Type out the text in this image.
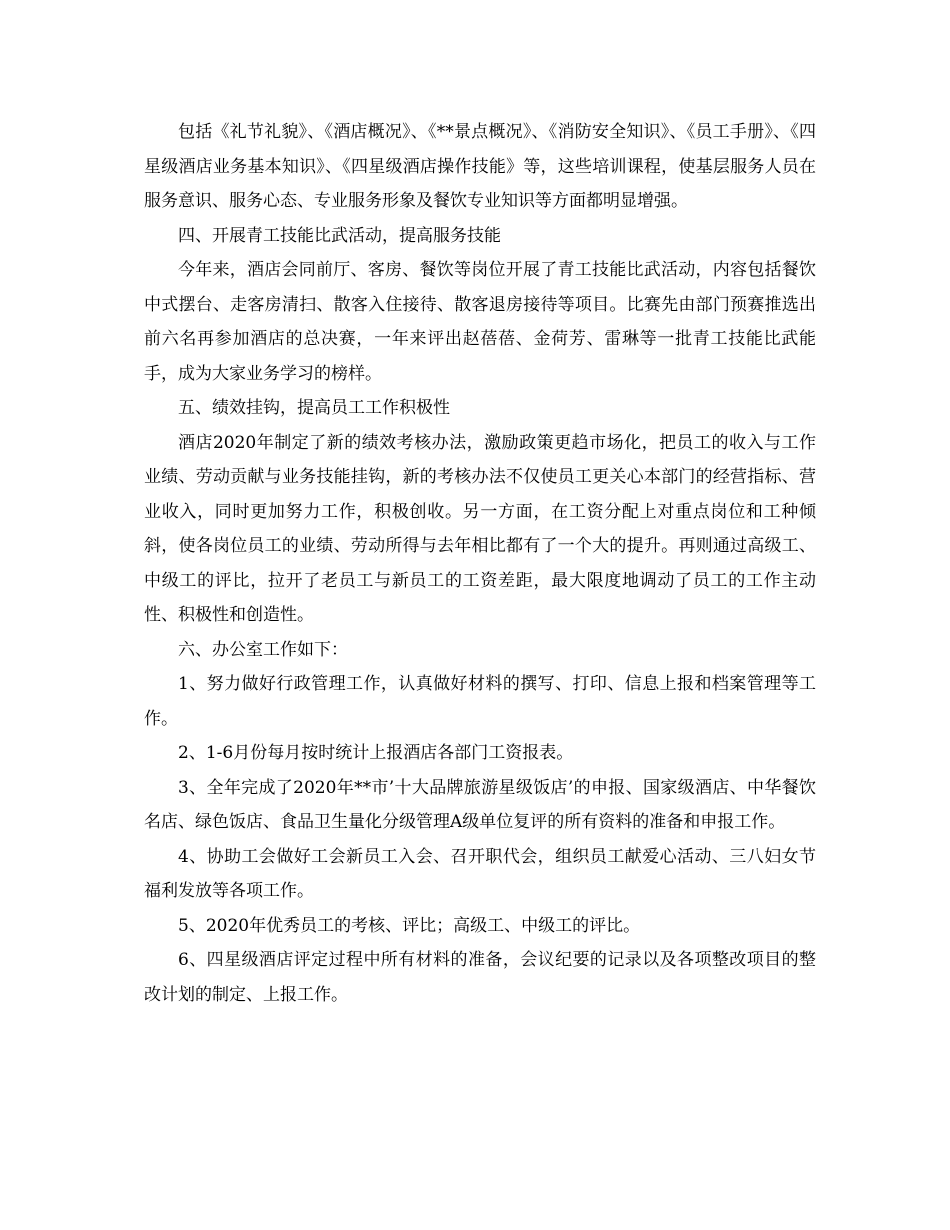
包括《礼节礼貌》、《酒店概况》、《**景点概况》、《消防安全知识》、《员工手册》、《四星级酒店业务基本知识》、《四星级酒店操作技能》等，这些培训课程，使基层服务人员在服务意识、服务心态、专业服务形象及餐饮专业知识等方面都明显增强。

四、开展青工技能比武活动，提高服务技能

今年来，酒店会同前厅、客房、餐饮等岗位开展了青工技能比武活动，内容包括餐饮中式摆台、走客房清扫、散客入住接待、散客退房接待等项目。比赛先由部门预赛推选出前六名再参加酒店的总决赛，一年来评出赵蓓蓓、金荷芳、雷琳等一批青工技能比武能手，成为大家业务学习的榜样。

五、绩效挂钩，提高员工工作积极性

酒店2020年制定了新的绩效考核办法，激励政策更趋市场化，把员工的收入与工作业绩、劳动贡献与业务技能挂钩，新的考核办法不仅使员工更关心本部门的经营指标、营业收入，同时更加努力工作，积极创收。另一方面，在工资分配上对重点岗位和工种倾斜，使各岗位员工的业绩、劳动所得与去年相比都有了一个大的提升。再则通过高级工、中级工的评比，拉开了老员工与新员工的工资差距，最大限度地调动了员工的工作主动性、积极性和创造性。

六、办公室工作如下：

1、努力做好行政管理工作，认真做好材料的撰写、打印、信息上报和档案管理等工作。

2、1-6月份每月按时统计上报酒店各部门工资报表。

3、全年完成了2020年**市’十大品牌旅游星级饭店’的申报、国家级酒店、中华餐饮名店、绿色饭店、食品卫生量化分级管理A级单位复评的所有资料的准备和申报工作。

4、协助工会做好工会新员工入会、召开职代会，组织员工献爱心活动、三八妇女节福利发放等各项工作。

5、2020年优秀员工的考核、评比；高级工、中级工的评比。

6、四星级酒店评定过程中所有材料的准备，会议纪要的记录以及各项整改项目的整改计划的制定、上报工作。
